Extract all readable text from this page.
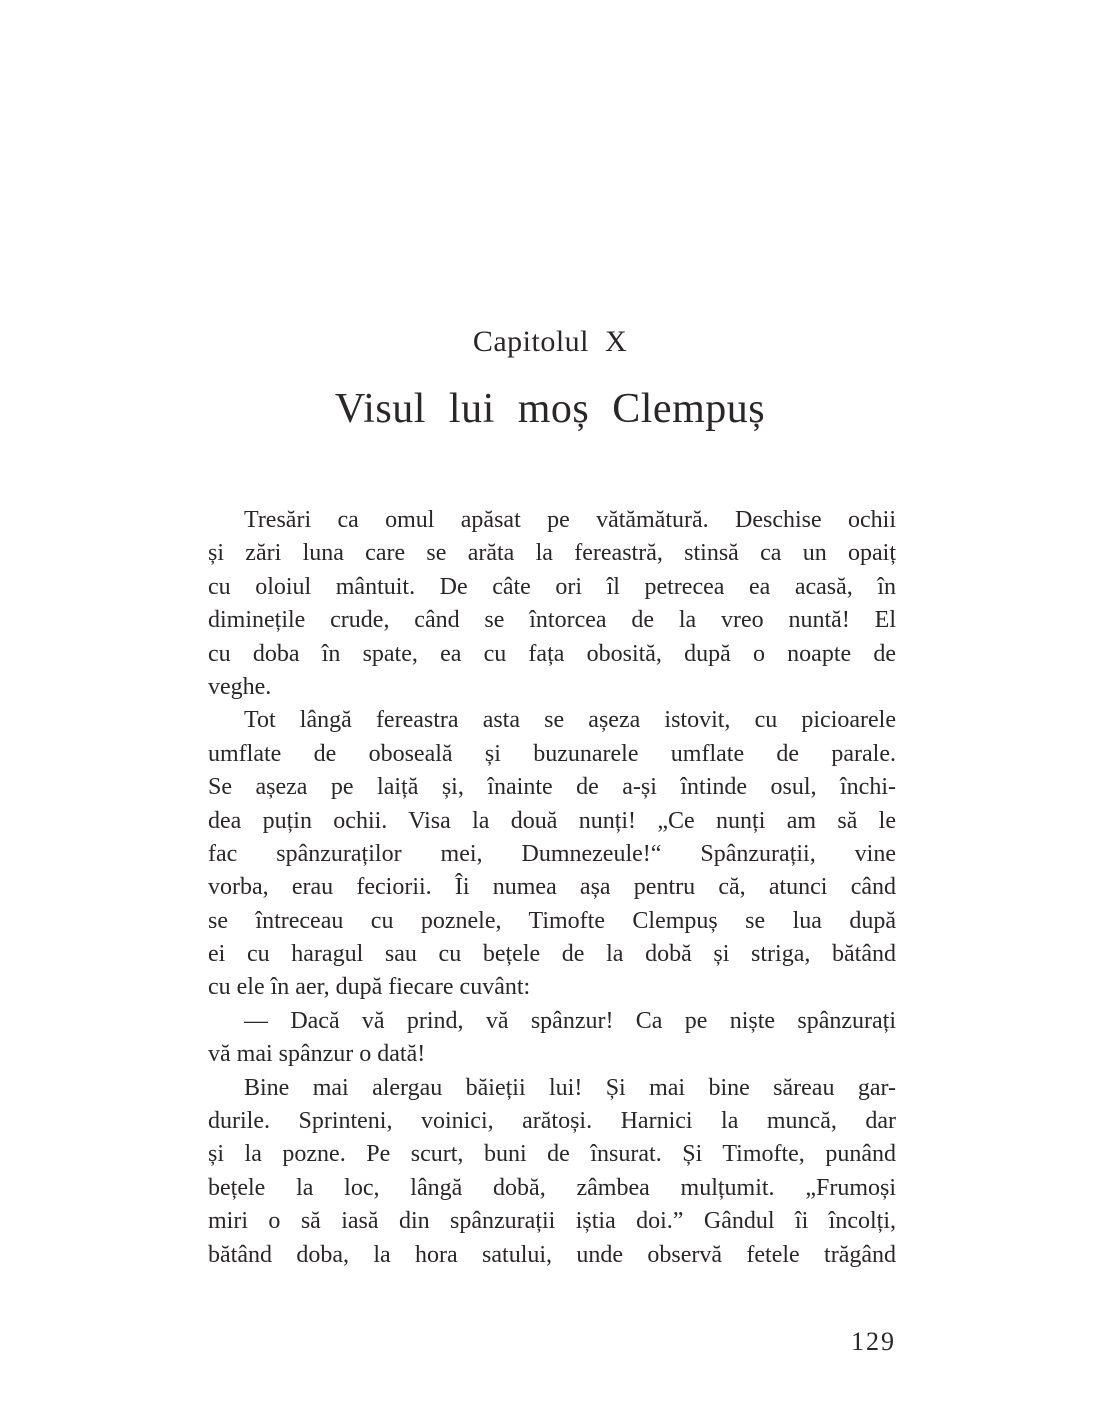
Capitolul X
Visul lui moș Clempuș
Tresări ca omul apăsat pe vătămătură. Deschise ochii
și zări luna care se arăta la fereastră, stinsă ca un opaiț
cu oloiul mântuit. De câte ori îl petrecea ea acasă, în
diminețile crude, când se întorcea de la vreo nuntă! El
cu doba în spate, ea cu fața obosită, după o noapte de
veghe.
Tot lângă fereastra asta se așeza istovit, cu picioarele
umflate de oboseală și buzunarele umflate de parale.
Se așeza pe laiță și, înainte de a-și întinde osul, închi-
dea puțin ochii. Visa la două nunți! „Ce nunți am să le
fac spânzuraților mei, Dumnezeule!“ Spânzurații, vine
vorba, erau feciorii. Îi numea așa pentru că, atunci când
se întreceau cu poznele, Timofte Clempuș se lua după
ei cu haragul sau cu bețele de la dobă și striga, bătând
cu ele în aer, după fiecare cuvânt:
— Dacă vă prind, vă spânzur! Ca pe niște spânzurați
vă mai spânzur o dată!
Bine mai alergau băieții lui! Și mai bine săreau gar-
durile. Sprinteni, voinici, arătoși. Harnici la muncă, dar
și la pozne. Pe scurt, buni de însurat. Și Timofte, punând
bețele la loc, lângă dobă, zâmbea mulțumit. „Frumoși
miri o să iasă din spânzurații iștia doi.” Gândul îi încolți,
bătând doba, la hora satului, unde observă fetele trăgând
129
